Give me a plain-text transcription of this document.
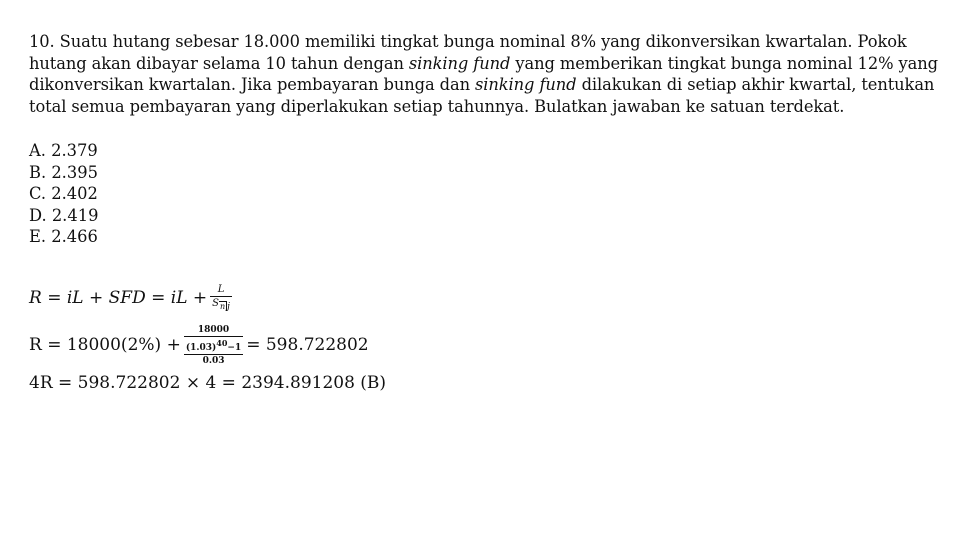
10. Suatu hutang sebesar 18.000 memiliki tingkat bunga nominal 8% yang dikonversikan kwartalan. Pokok hutang akan dibayar selama 10 tahun dengan sinking fund yang memberikan tingkat bunga nominal 12% yang dikonversikan kwartalan. Jika pembayaran bunga dan sinking fund dilakukan di setiap akhir kwartal, tentukan total semua pembayaran yang diperlakukan setiap tahunnya. Bulatkan jawaban ke satuan terdekat.
A. 2.379
B. 2.395
C. 2.402
D. 2.419
E. 2.466
R = iL + SFD = iL + $\frac{L}{\text{Sn j}}$
$R = 18000(2\%) + \frac{18000}{\frac{(1.03)^{40}-1}{0.03}} = 598.722802$
4R = 598.722802 × 4 = 2394.891208 (B)
